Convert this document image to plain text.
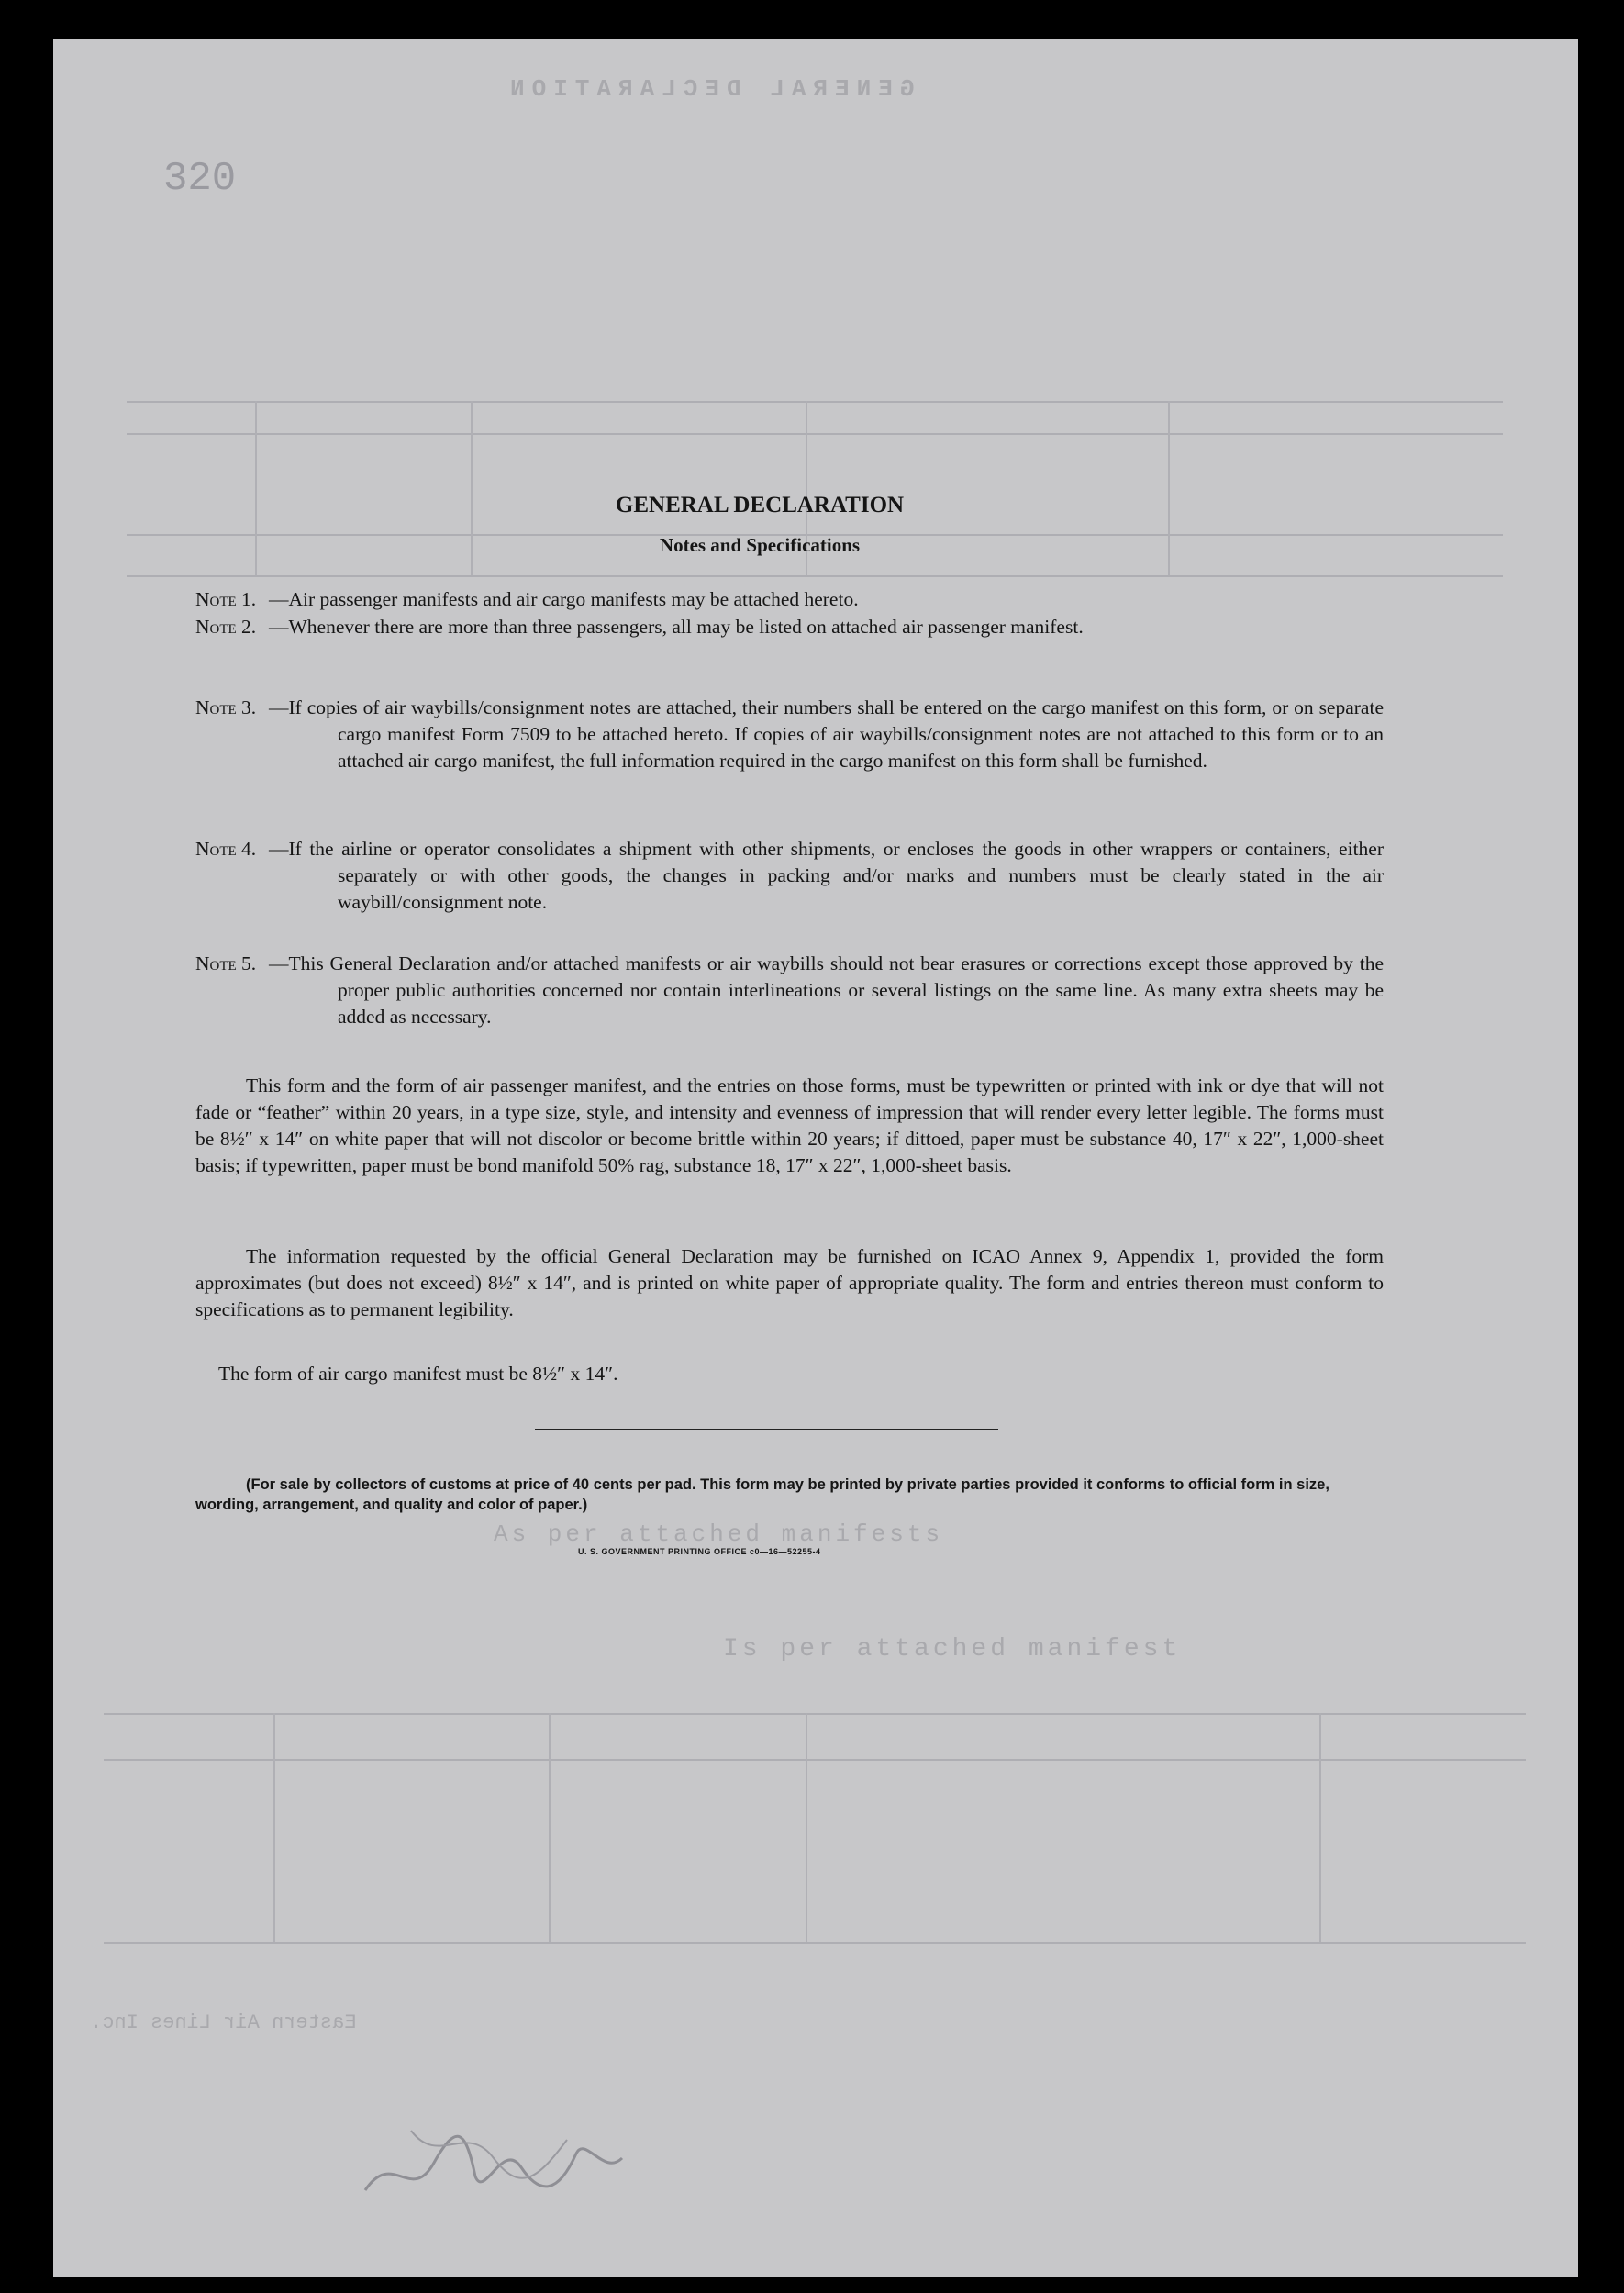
GENERAL DECLARATION
320
As per attached manifests
Is per attached manifest
Eastern Air Lines Inc.
GENERAL DECLARATION
Notes and Specifications
Note 1. —Air passenger manifests and air cargo manifests may be attached hereto.
Note 2. —Whenever there are more than three passengers, all may be listed on attached air passenger manifest.
Note 3. —If copies of air waybills/consignment notes are attached, their numbers shall be entered on the cargo manifest on this form, or on separate cargo manifest Form 7509 to be attached hereto. If copies of air waybills/consignment notes are not attached to this form or to an attached air cargo manifest, the full information required in the cargo manifest on this form shall be furnished.
Note 4. —If the airline or operator consolidates a shipment with other shipments, or encloses the goods in other wrappers or containers, either separately or with other goods, the changes in packing and/or marks and numbers must be clearly stated in the air waybill/consignment note.
Note 5. —This General Declaration and/or attached manifests or air waybills should not bear erasures or corrections except those approved by the proper public authorities concerned nor contain interlineations or several listings on the same line. As many extra sheets may be added as necessary.
This form and the form of air passenger manifest, and the entries on those forms, must be typewritten or printed with ink or dye that will not fade or “feather” within 20 years, in a type size, style, and intensity and evenness of impression that will render every letter legible. The forms must be 8½″ x 14″ on white paper that will not discolor or become brittle within 20 years; if dittoed, paper must be substance 40, 17″ x 22″, 1,000-sheet basis; if typewritten, paper must be bond manifold 50% rag, substance 18, 17″ x 22″, 1,000-sheet basis.
The information requested by the official General Declaration may be furnished on ICAO Annex 9, Appendix 1, provided the form approximates (but does not exceed) 8½″ x 14″, and is printed on white paper of appropriate quality. The form and entries thereon must conform to specifications as to permanent legibility.
The form of air cargo manifest must be 8½″ x 14″.
(For sale by collectors of customs at price of 40 cents per pad. This form may be printed by private parties provided it conforms to official form in size, wording, arrangement, and quality and color of paper.)
U. S. GOVERNMENT PRINTING OFFICE c0—16—52255-4
